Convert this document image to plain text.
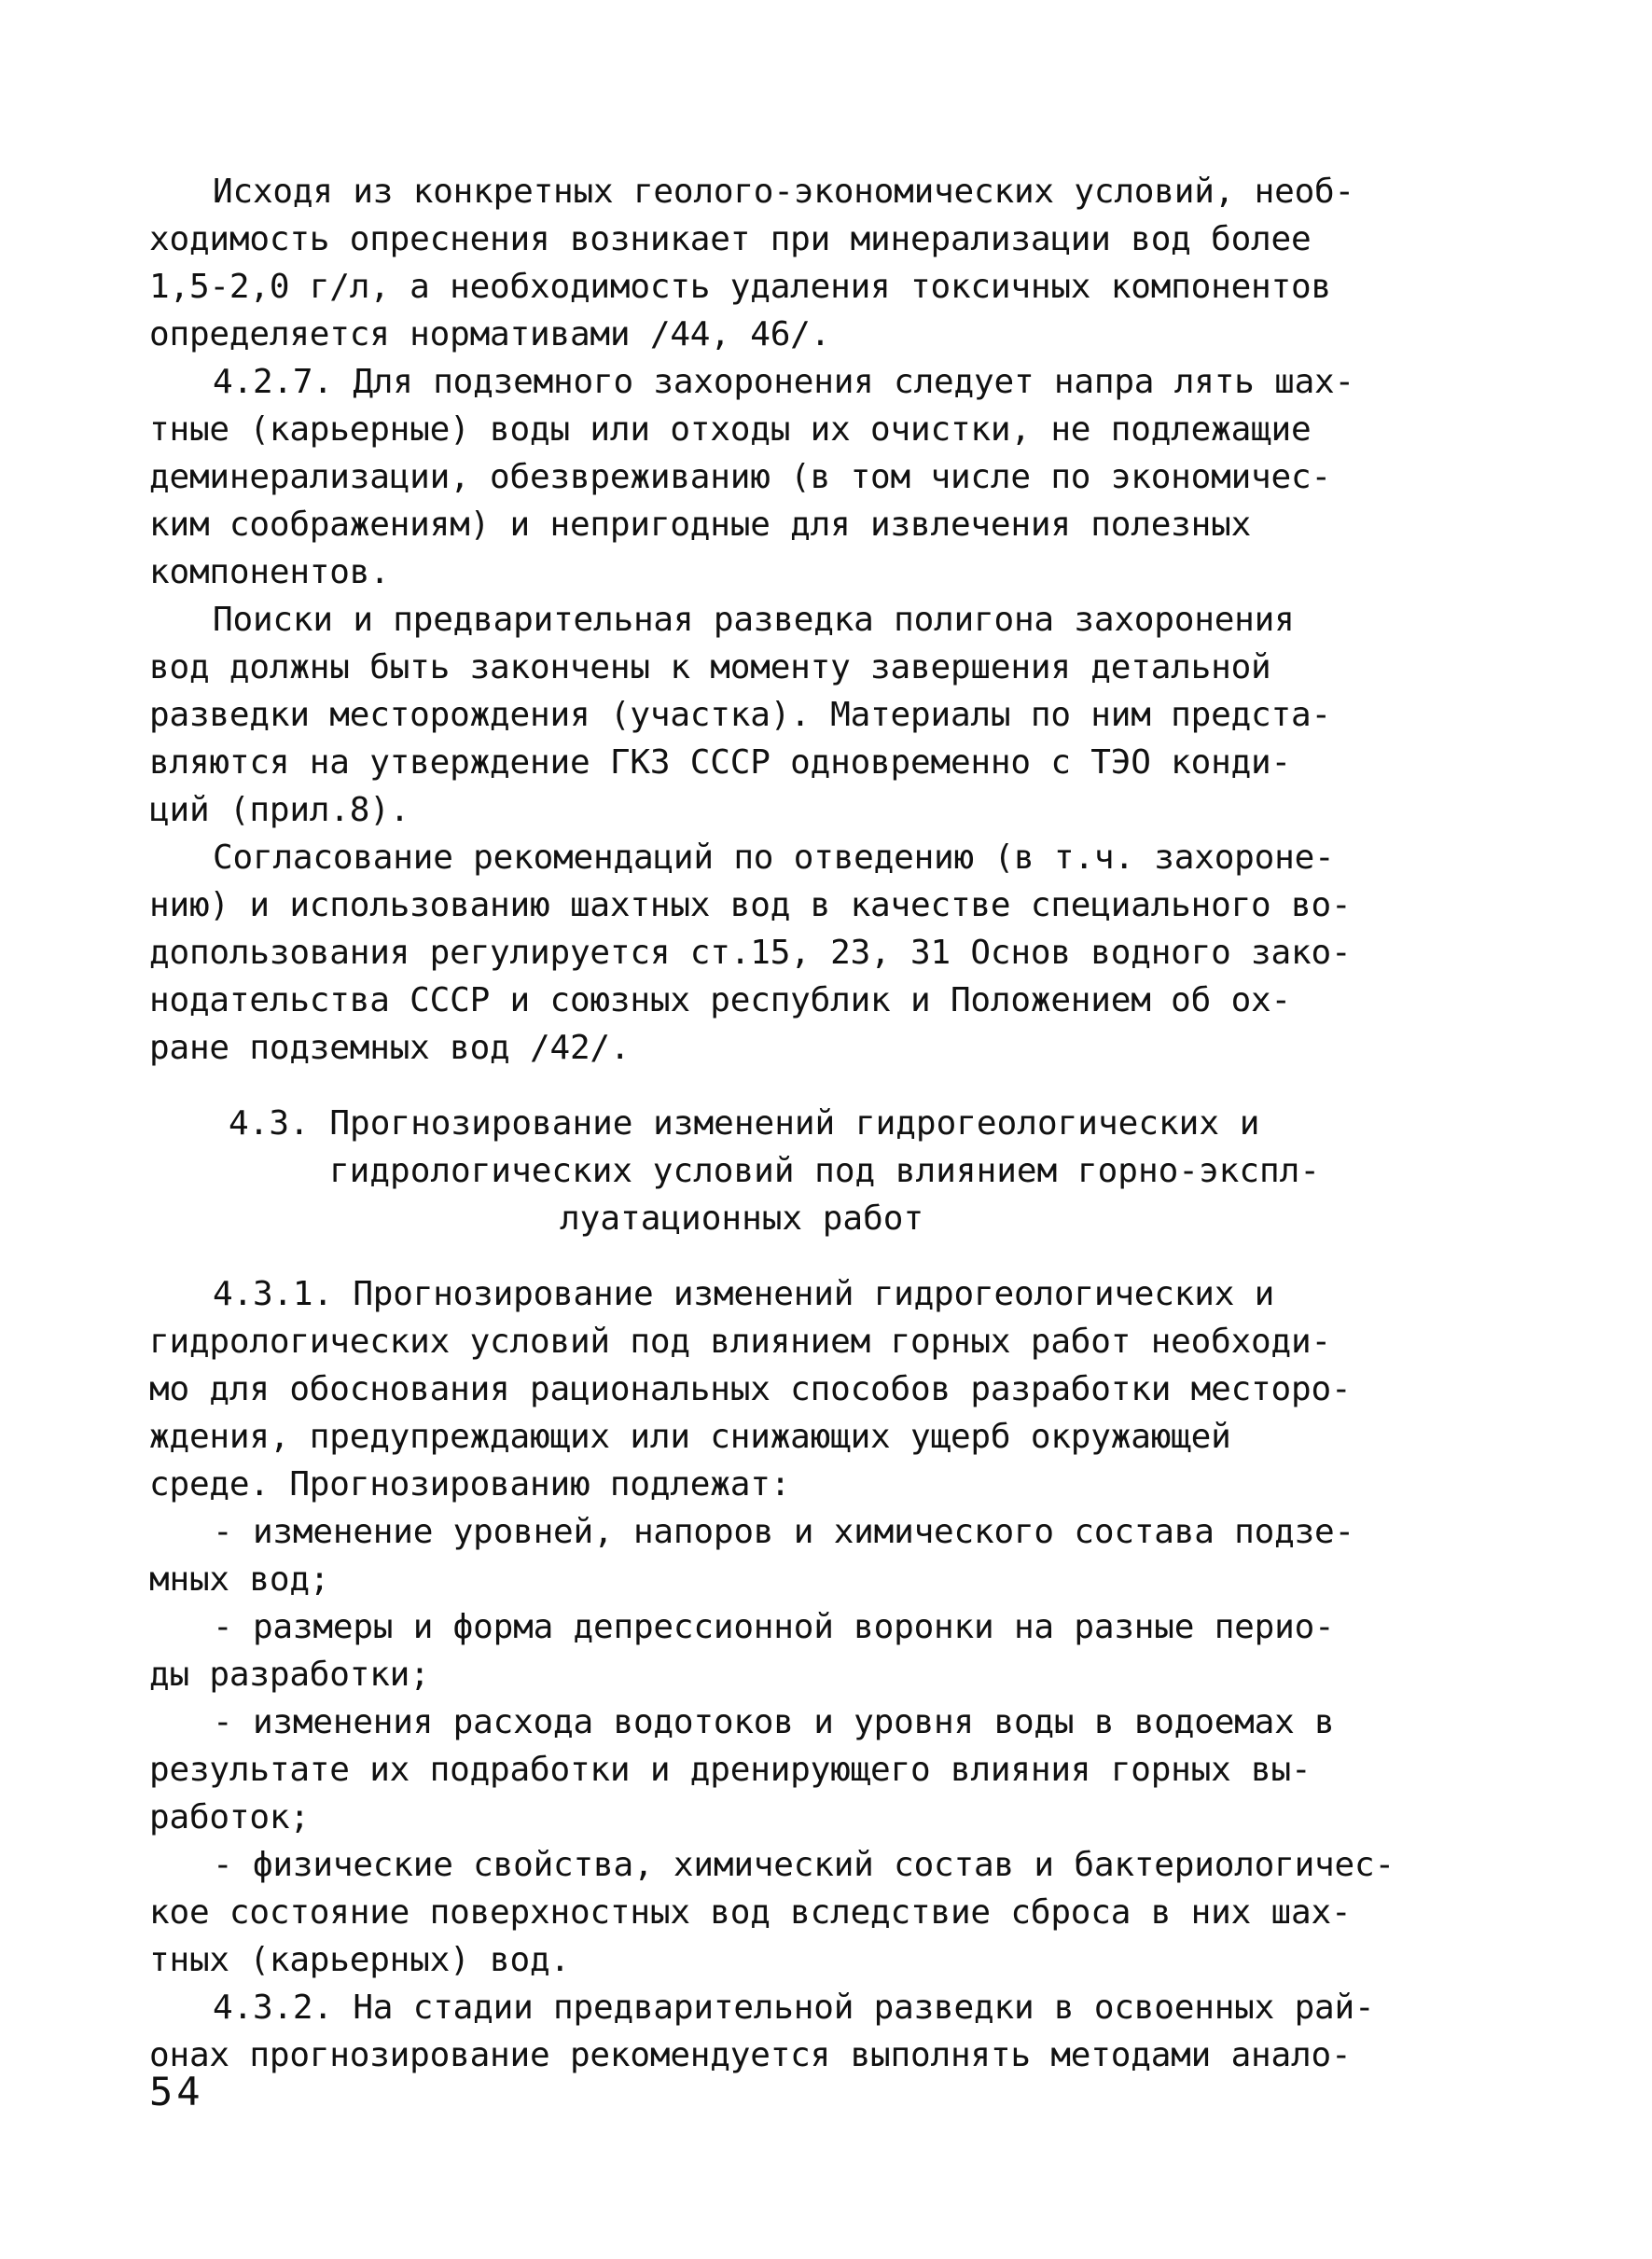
Исходя из конкретных геолого-экономических условий, необ-
ходимость опреснения возникает при минерализации вод более
1,5-2,0 г/л, а необходимость удаления токсичных компонентов
определяется нормативами /44, 46/.
4.2.7. Для подземного захоронения следует напра лять шах-
тные (карьерные) воды или отходы их очистки, не подлежащие
деминерализации, обезвреживанию (в том числе по экономичес-
ким соображениям) и непригодные для извлечения полезных
компонентов.
Поиски и предварительная разведка полигона захоронения
вод должны быть закончены к моменту завершения детальной
разведки месторождения (участка). Материалы по ним предста-
вляются на утверждение ГКЗ СССР одновременно с ТЭО конди-
ций (прил.8).
Согласование рекомендаций по отведению (в т.ч. захороне-
нию) и использованию шахтных вод в качестве специального во-
допользования регулируется ст.15, 23, 31 Основ водного зако-
нодательства СССР и союзных республик и Положением об ох-
ране подземных вод /42/.
4.3. Прогнозирование изменений гидрогеологических и
гидрологических условий под влиянием горно-экспл-
луатационных работ
4.3.1. Прогнозирование изменений гидрогеологических и
гидрологических условий под влиянием горных работ необходи-
мо для обоснования рациональных способов разработки месторо-
ждения, предупреждающих или снижающих ущерб окружающей
среде. Прогнозированию подлежат:
- изменение уровней, напоров и химического состава подзе-
мных вод;
- размеры и форма депрессионной воронки на разные перио-
ды разработки;
- изменения расхода водотоков и уровня воды в водоемах в
результате их подработки и дренирующего влияния горных вы-
работок;
- физические свойства, химический состав и бактериологичес-
кое состояние поверхностных вод вследствие сброса в них шах-
тных (карьерных) вод.
4.3.2. На стадии предварительной разведки в освоенных рай-
онах прогнозирование рекомендуется выполнять методами анало-
54
